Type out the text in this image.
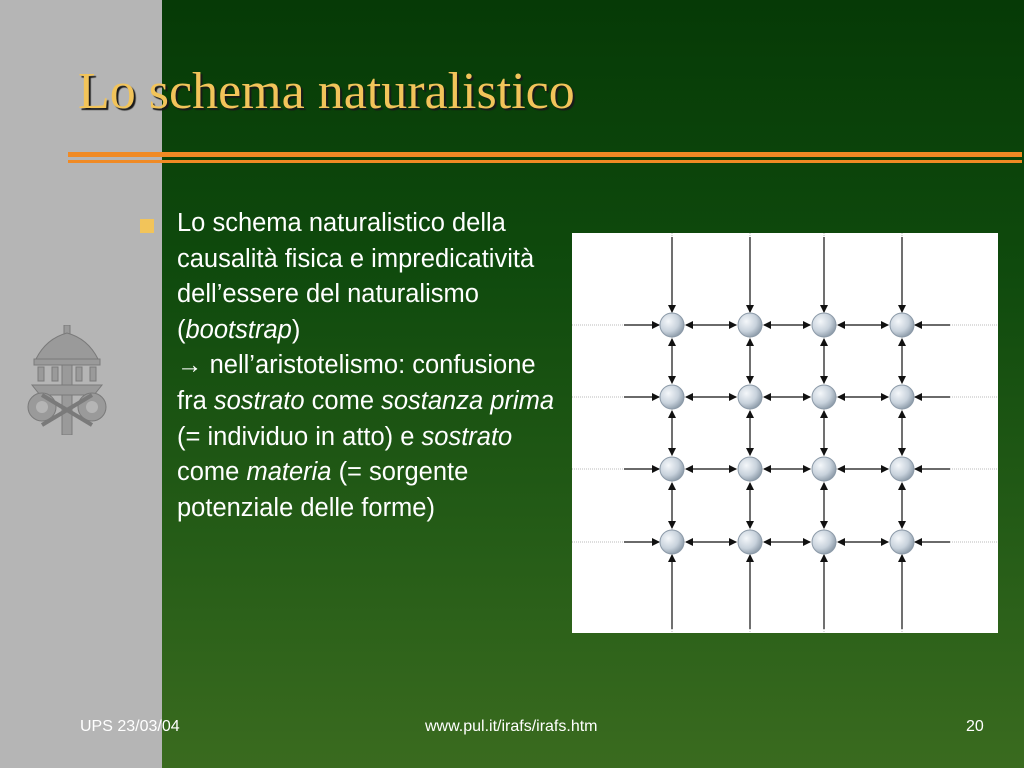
Lo schema naturalistico
Lo schema naturalistico della causalità fisica e impredicatività dell’essere del naturalismo (bootstrap)
→ nell’aristotelismo: confusione fra sostrato come sostanza prima (= individuo in atto) e sostrato come materia (= sorgente potenziale delle forme)
UPS 23/03/04	www.pul.it/irafs/irafs.htm	20
